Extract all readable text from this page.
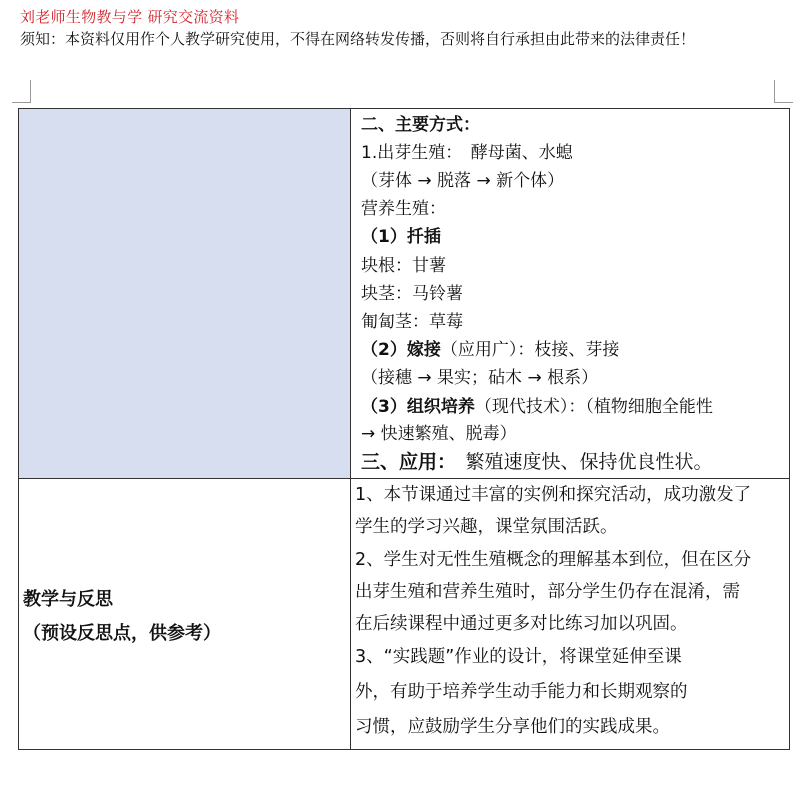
刘老师生物教与学 研究交流资料
须知：本资料仅用作个人教学研究使用，不得在网络转发传播，否则将自行承担由此带来的法律责任！
二、主要方式：
1.出芽生殖：　酵母菌、水螅
（芽体 → 脱落 → 新个体）
营养生殖：
（1）扦插
块根：甘薯
块茎：马铃薯
匍匐茎：草莓
（2）嫁接（应用广）：枝接、芽接
（接穗 → 果实；砧木 → 根系）
（3）组织培养（现代技术）：（植物细胞全能性
→ 快速繁殖、脱毒）
三、应用：　繁殖速度快、保持优良性状。
教学与反思
（预设反思点，供参考）
1、本节课通过丰富的实例和探究活动，成功激发了
学生的学习兴趣，课堂氛围活跃。
2、学生对无性生殖概念的理解基本到位，但在区分
出芽生殖和营养生殖时，部分学生仍存在混淆，需
在后续课程中通过更多对比练习加以巩固。
3、“实践题”作业的设计，将课堂延伸至课
外，有助于培养学生动手能力和长期观察的
习惯，应鼓励学生分享他们的实践成果。
